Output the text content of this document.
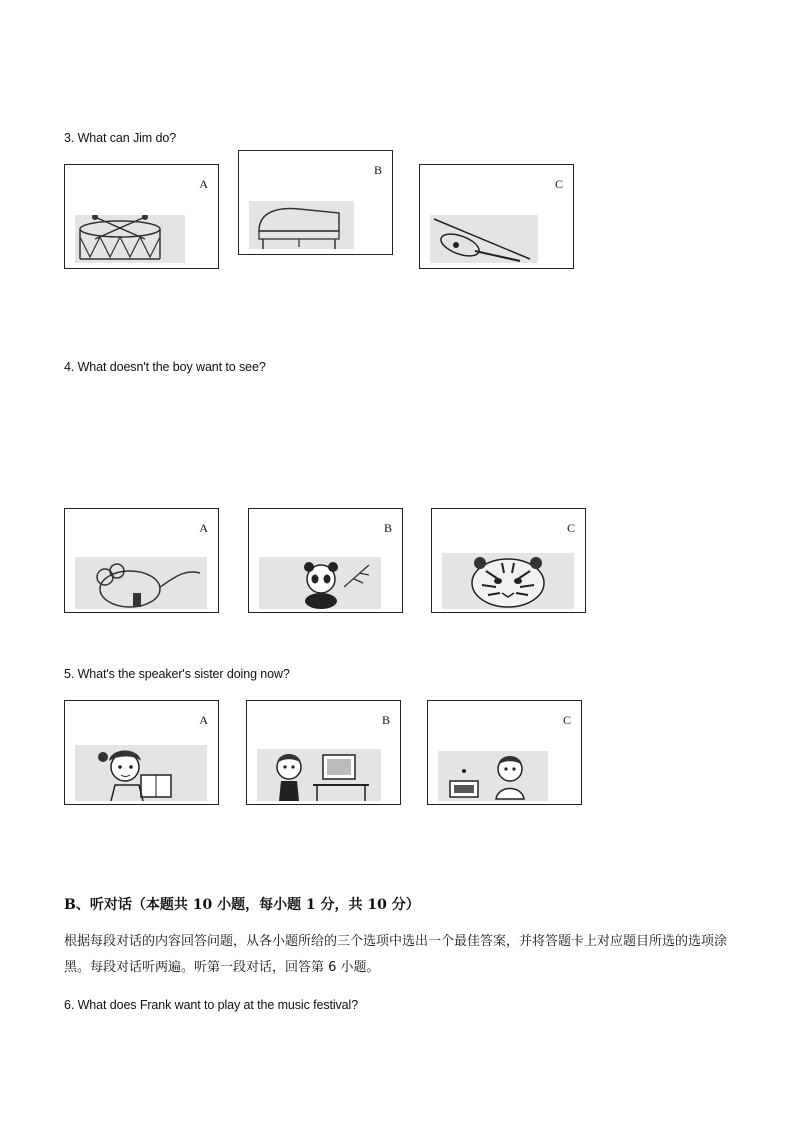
3. What can Jim do?
A
B
C
4. What doesn't the boy want to see?
A	B	C
5. What's the speaker's sister doing now?
A	B	C
B、听对话（本题共 10 小题，每小题 1 分，共 10 分）
根据每段对话的内容回答问题，从各小题所给的三个选项中选出一个最佳答案，并将答题卡上对应题目所选的选项涂黑。每段对话听两遍。听第一段对话，回答第 6 小题。
6. What does Frank want to play at the music festival?
